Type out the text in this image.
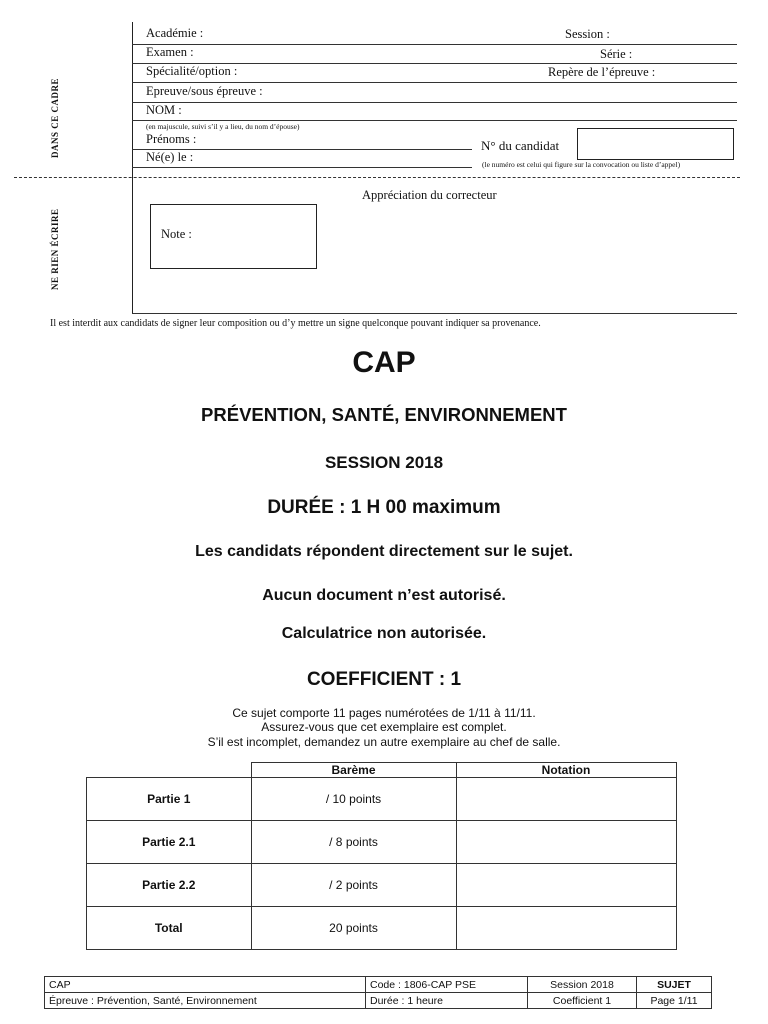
DANS CE CADRE
NE RIEN ÉCRIRE
Académie :	Session :
Examen :	Série :
Spécialité/option :	Repère de l’épreuve :
Epreuve/sous épreuve :
NOM :
(en majuscule, suivi s’il y a lieu, du nom d’épouse)
Prénoms :	N° du candidat
(le numéro est celui qui figure sur la convocation ou liste d’appel)
Né(e) le :
Appréciation du correcteur
Note :
Il est interdit aux candidats de signer leur composition ou d’y mettre un signe quelconque pouvant indiquer sa provenance.
CAP
PRÉVENTION, SANTÉ, ENVIRONNEMENT
SESSION 2018
DURÉE : 1 H 00 maximum
Les candidats répondent directement sur le sujet.
Aucun document n’est autorisé.
Calculatrice non autorisée.
COEFFICIENT : 1
Ce sujet comporte 11 pages numérotées de 1/11 à 11/11.
Assurez-vous que cet exemplaire est complet.
S’il est incomplet, demandez un autre exemplaire au chef de salle.
	Barème	Notation
Partie 1	/ 10 points	
Partie 2.1	/ 8 points	
Partie 2.2	/ 2 points	
Total	20 points	
CAP	Code : 1806-CAP PSE	Session 2018	SUJET
Épreuve : Prévention, Santé, Environnement	Durée : 1 heure	Coefficient 1	Page 1/11
